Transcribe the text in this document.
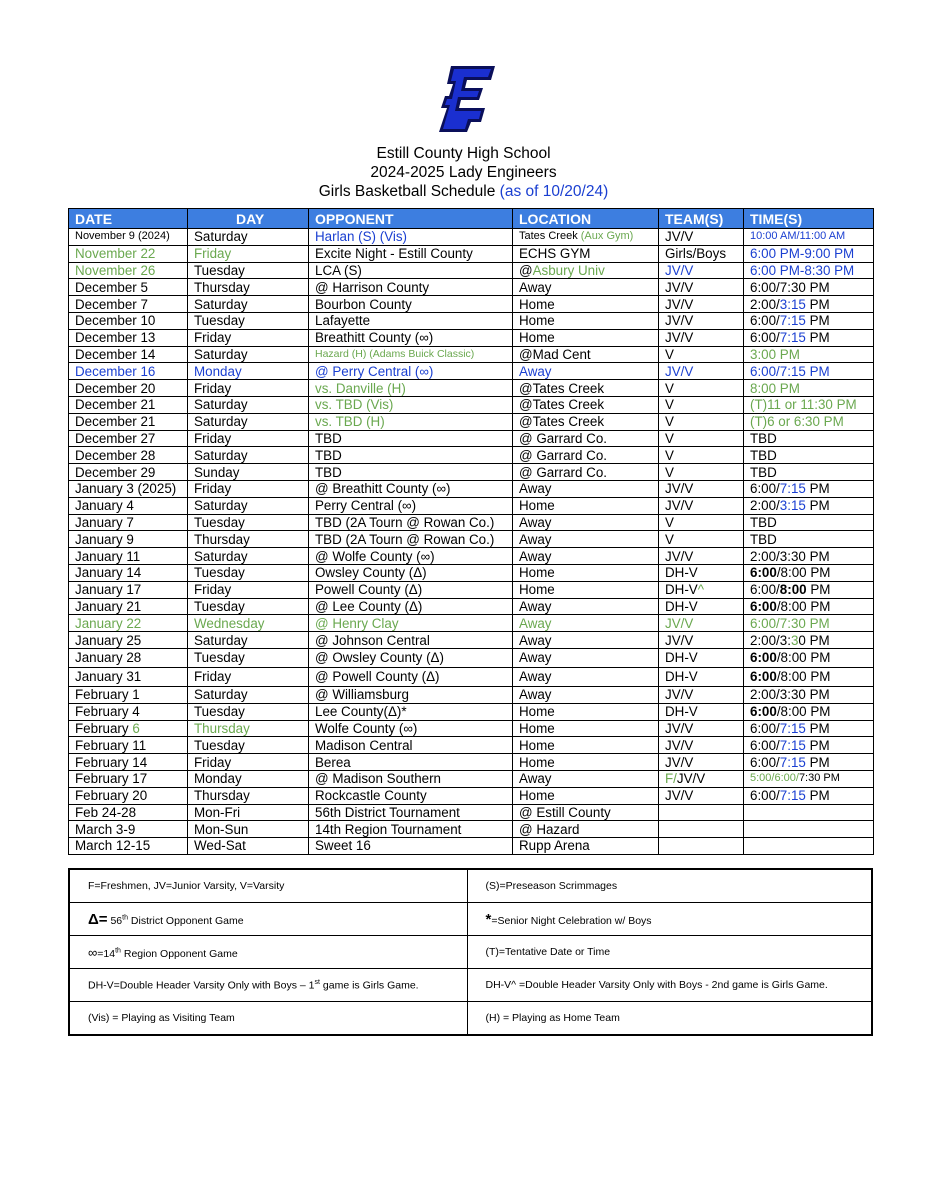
Estill County High School
2024-2025 Lady Engineers
Girls Basketball Schedule (as of 10/20/24)
DATE	DAY	OPPONENT	LOCATION	TEAM(S)	TIME(S)
November 9 (2024)	Saturday	Harlan (S) (Vis)	Tates Creek (Aux Gym)	JV/V	10:00 AM/11:00 AM
November 22	Friday	Excite Night - Estill County	ECHS GYM	Girls/Boys	6:00 PM-9:00 PM
November 26	Tuesday	LCA (S)	@Asbury Univ	JV/V	6:00 PM-8:30 PM
December 5	Thursday	@ Harrison County	Away	JV/V	6:00/7:30 PM
December 7	Saturday	Bourbon County	Home	JV/V	2:00/3:15 PM
December 10	Tuesday	Lafayette	Home	JV/V	6:00/7:15 PM
December 13	Friday	Breathitt County (∞)	Home	JV/V	6:00/7:15 PM
December 14	Saturday	Hazard (H) (Adams Buick Classic)	@Mad Cent	V	3:00 PM
December 16	Monday	@ Perry Central (∞)	Away	JV/V	6:00/7:15 PM
December 20	Friday	vs. Danville (H)	@Tates Creek	V	8:00 PM
December 21	Saturday	vs. TBD (Vis)	@Tates Creek	V	(T)11 or 11:30 PM
December 21	Saturday	vs. TBD (H)	@Tates Creek	V	(T)6 or 6:30 PM
December 27	Friday	TBD	@ Garrard Co.	V	TBD
December 28	Saturday	TBD	@ Garrard Co.	V	TBD
December 29	Sunday	TBD	@ Garrard Co.	V	TBD
January 3 (2025)	Friday	@ Breathitt County (∞)	Away	JV/V	6:00/7:15 PM
January 4	Saturday	Perry Central (∞)	Home	JV/V	2:00/3:15 PM
January 7	Tuesday	TBD (2A Tourn @ Rowan Co.)	Away	V	TBD
January 9	Thursday	TBD (2A Tourn @ Rowan Co.)	Away	V	TBD
January 11	Saturday	@ Wolfe County (∞)	Away	JV/V	2:00/3:30 PM
January 14	Tuesday	Owsley County (Δ)	Home	DH-V	6:00/8:00 PM
January 17	Friday	Powell County (Δ)	Home	DH-V^	6:00/8:00 PM
January 21	Tuesday	@ Lee County (Δ)	Away	DH-V	6:00/8:00 PM
January 22	Wednesday	@ Henry Clay	Away	JV/V	6:00/7:30 PM
January 25	Saturday	@ Johnson Central	Away	JV/V	2:00/3:30 PM
January 28	Tuesday	@ Owsley County (Δ)	Away	DH-V	6:00/8:00 PM
January 31	Friday	@ Powell County (Δ)	Away	DH-V	6:00/8:00 PM
February 1	Saturday	@ Williamsburg	Away	JV/V	2:00/3:30 PM
February 4	Tuesday	Lee County(Δ)*	Home	DH-V	6:00/8:00 PM
February 6	Thursday	Wolfe County (∞)	Home	JV/V	6:00/7:15 PM
February 11	Tuesday	Madison Central	Home	JV/V	6:00/7:15 PM
February 14	Friday	Berea	Home	JV/V	6:00/7:15 PM
February 17	Monday	@ Madison Southern	Away	F/JV/V	5:00/6:00/7:30 PM
February 20	Thursday	Rockcastle County	Home	JV/V	6:00/7:15 PM
Feb 24-28	Mon-Fri	56th District Tournament	@ Estill County		
March 3-9	Mon-Sun	14th Region Tournament	@ Hazard		
March 12-15	Wed-Sat	Sweet 16	Rupp Arena		
F=Freshmen, JV=Junior Varsity, V=Varsity	(S)=Preseason Scrimmages
Δ= 56th District Opponent Game	*=Senior Night Celebration w/ Boys
∞=14th Region Opponent Game	(T)=Tentative Date or Time
DH-V=Double Header Varsity Only with Boys – 1st game is Girls Game.	DH-V^ =Double Header Varsity Only with Boys - 2nd game is Girls Game.
(Vis) = Playing as Visiting Team	(H) = Playing as Home Team
